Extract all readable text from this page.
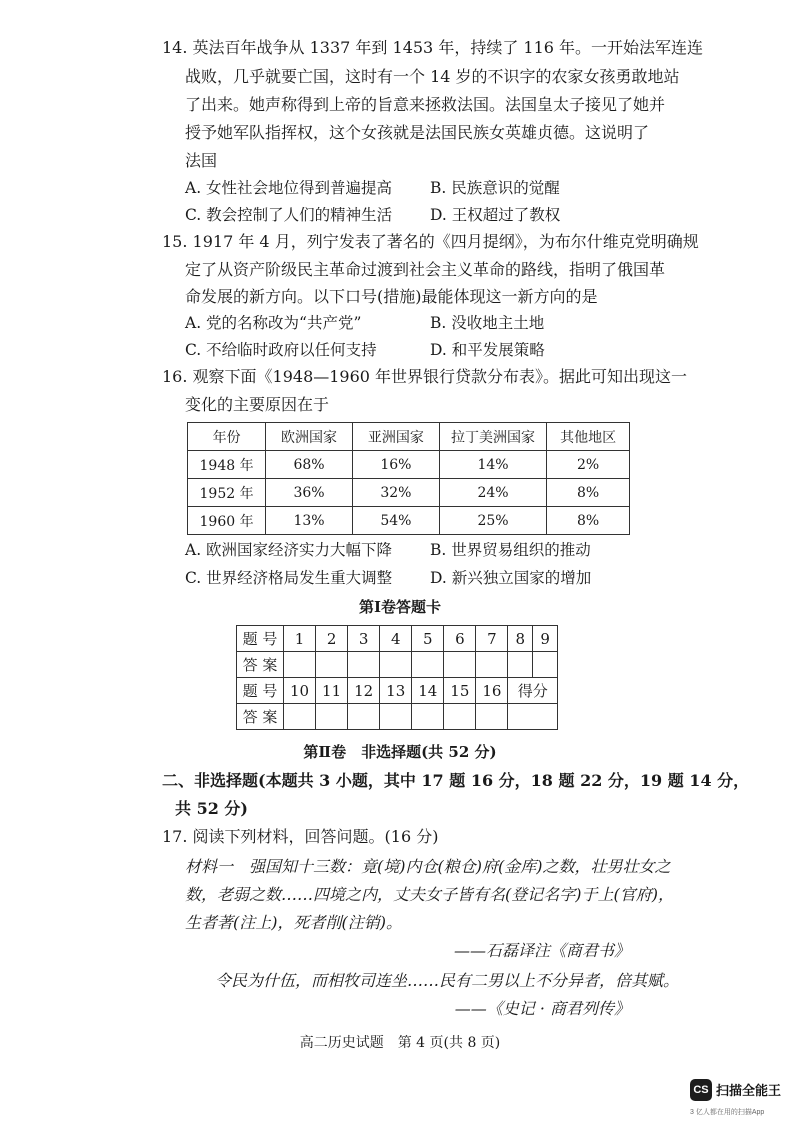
14. 英法百年战争从 1337 年到 1453 年，持续了 116 年。一开始法军连连
战败，几乎就要亡国，这时有一个 14 岁的不识字的农家女孩勇敢地站
了出来。她声称得到上帝的旨意来拯救法国。法国皇太子接见了她并
授予她军队指挥权，这个女孩就是法国民族女英雄贞德。这说明了
法国
A. 女性社会地位得到普遍提高 B. 民族意识的觉醒
C. 教会控制了人们的精神生活 D. 王权超过了教权
15. 1917 年 4 月，列宁发表了著名的《四月提纲》，为布尔什维克党明确规
定了从资产阶级民主革命过渡到社会主义革命的路线，指明了俄国革
命发展的新方向。以下口号(措施)最能体现这一新方向的是
A. 党的名称改为“共产党”	B. 没收地主土地
C. 不给临时政府以任何支持	D. 和平发展策略
16. 观察下面《1948—1960 年世界银行贷款分布表》。据此可知出现这一
变化的主要原因在于
年份	欧洲国家	亚洲国家	拉丁美洲国家	其他地区
1948 年	68%	16%	14%	2%
1952 年	36%	32%	24%	8%
1960 年	13%	54%	25%	8%
A. 欧洲国家经济实力大幅下降 B. 世界贸易组织的推动
C. 世界经济格局发生重大调整 D. 新兴独立国家的增加
第Ⅰ卷答题卡
题 号	1	2	3	4	5	6	7	8	9
答 案									
题 号	10	11	12	13	14	15	16	得分	
答 案									
第Ⅱ卷　非选择题(共 52 分)
二、非选择题(本题共 3 小题，其中 17 题 16 分，18 题 22 分，19 题 14 分，
共 52 分)
17. 阅读下列材料，回答问题。(16 分)
材料一　强国知十三数：竟(境)内仓(粮仓)府(金库)之数，壮男壮女之
数，老弱之数……四境之内，丈夫女子皆有名(登记名字)于上(官府)，
生者著(注上)，死者削(注销)。
——石磊译注《商君书》
令民为什伍，而相牧司连坐……民有二男以上不分异者，倍其赋。
——《史记 · 商君列传》
高二历史试题　第 4 页(共 8 页)
CS 扫描全能王
3 亿人都在用的扫描App
